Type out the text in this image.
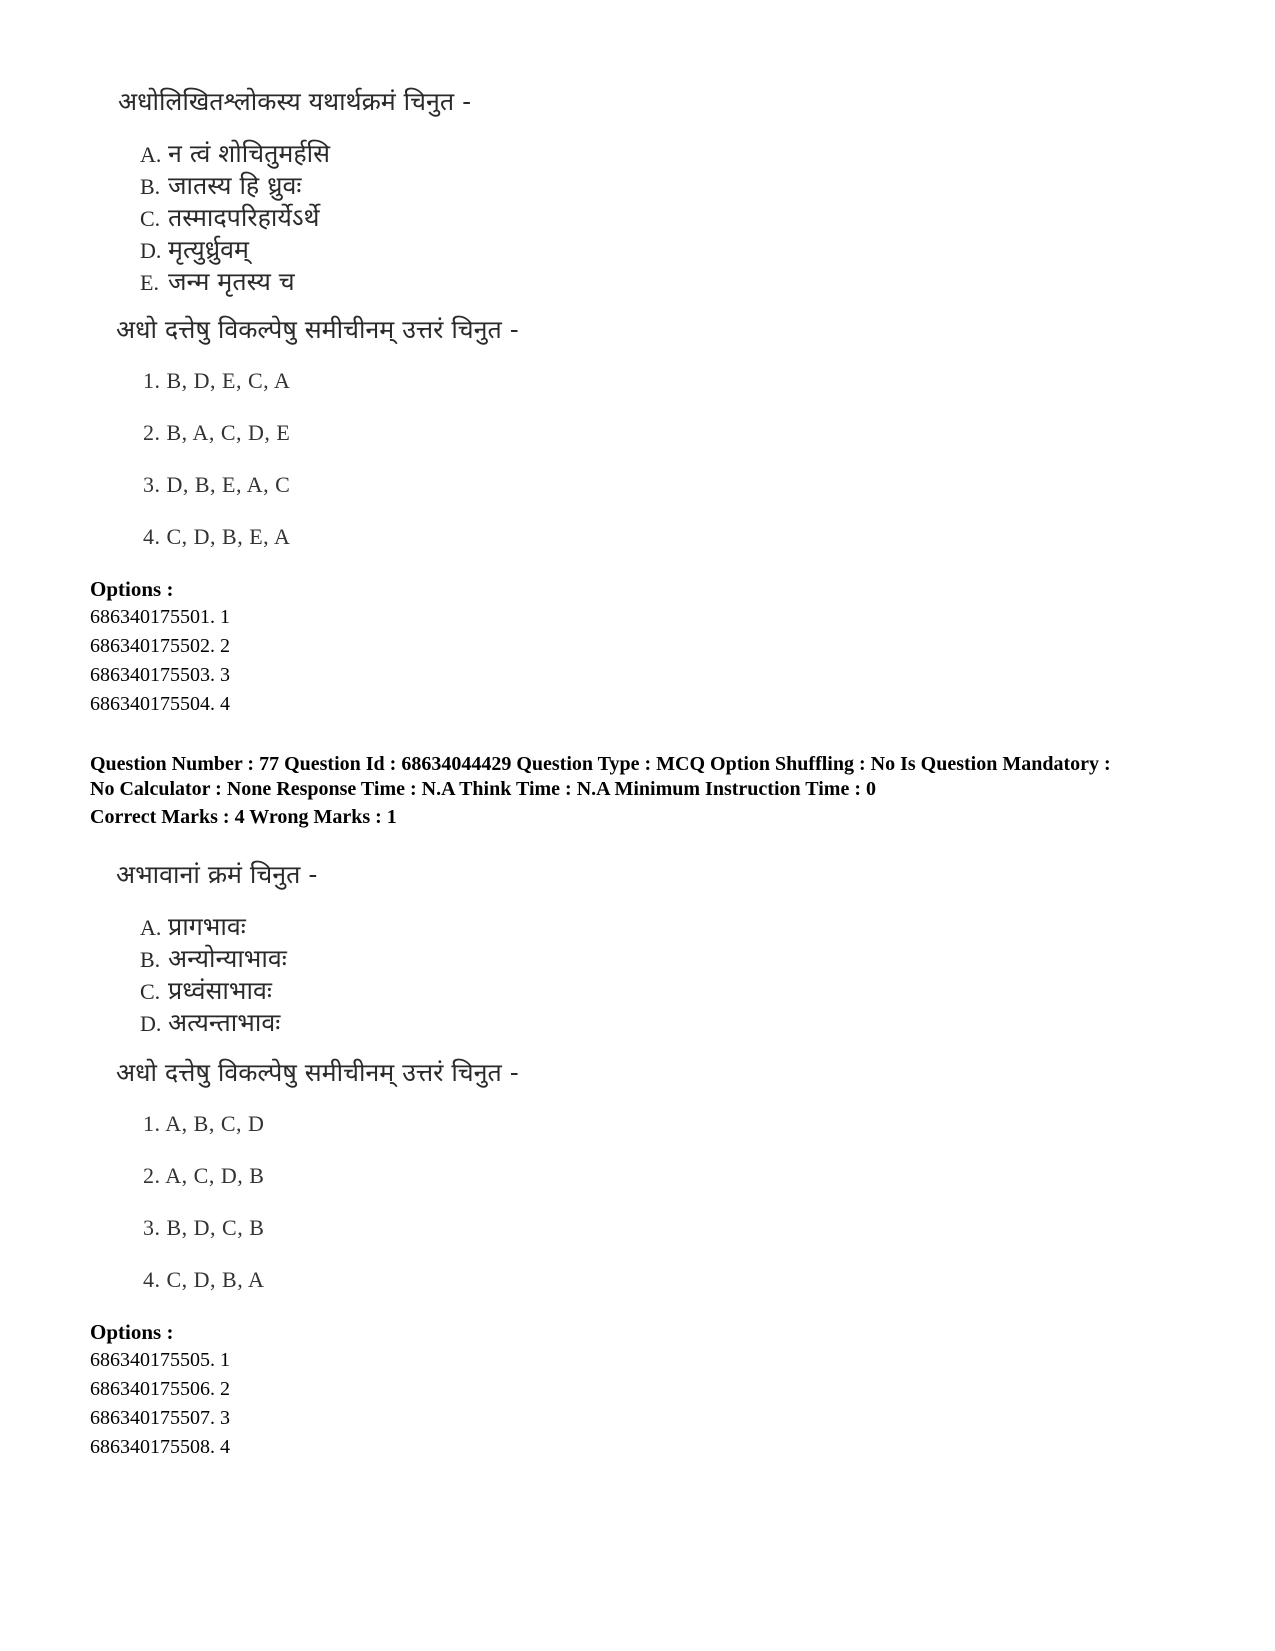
अधोलिखितश्लोकस्य यथार्थक्रमं चिनुत -
A. न त्वं शोचितुमर्हसि
B. जातस्य हि ध्रुवः
C. तस्मादपरिहार्येऽर्थे
D. मृत्युर्ध्रुवम्
E. जन्म मृतस्य च
अधो दत्तेषु विकल्पेषु समीचीनम् उत्तरं चिनुत -
1. B, D, E, C, A
2. B, A, C, D, E
3. D, B, E, A, C
4. C, D, B, E, A
Options :
686340175501. 1
686340175502. 2
686340175503. 3
686340175504. 4
Question Number : 77 Question Id : 68634044429 Question Type : MCQ Option Shuffling : No Is Question Mandatory :
No Calculator : None Response Time : N.A Think Time : N.A Minimum Instruction Time : 0
Correct Marks : 4 Wrong Marks : 1
अभावानां क्रमं चिनुत -
A. प्रागभावः
B. अन्योन्याभावः
C. प्रध्वंसाभावः
D. अत्यन्ताभावः
अधो दत्तेषु विकल्पेषु समीचीनम् उत्तरं चिनुत -
1. A, B, C, D
2. A, C, D, B
3. B, D, C, B
4. C, D, B, A
Options :
686340175505. 1
686340175506. 2
686340175507. 3
686340175508. 4
